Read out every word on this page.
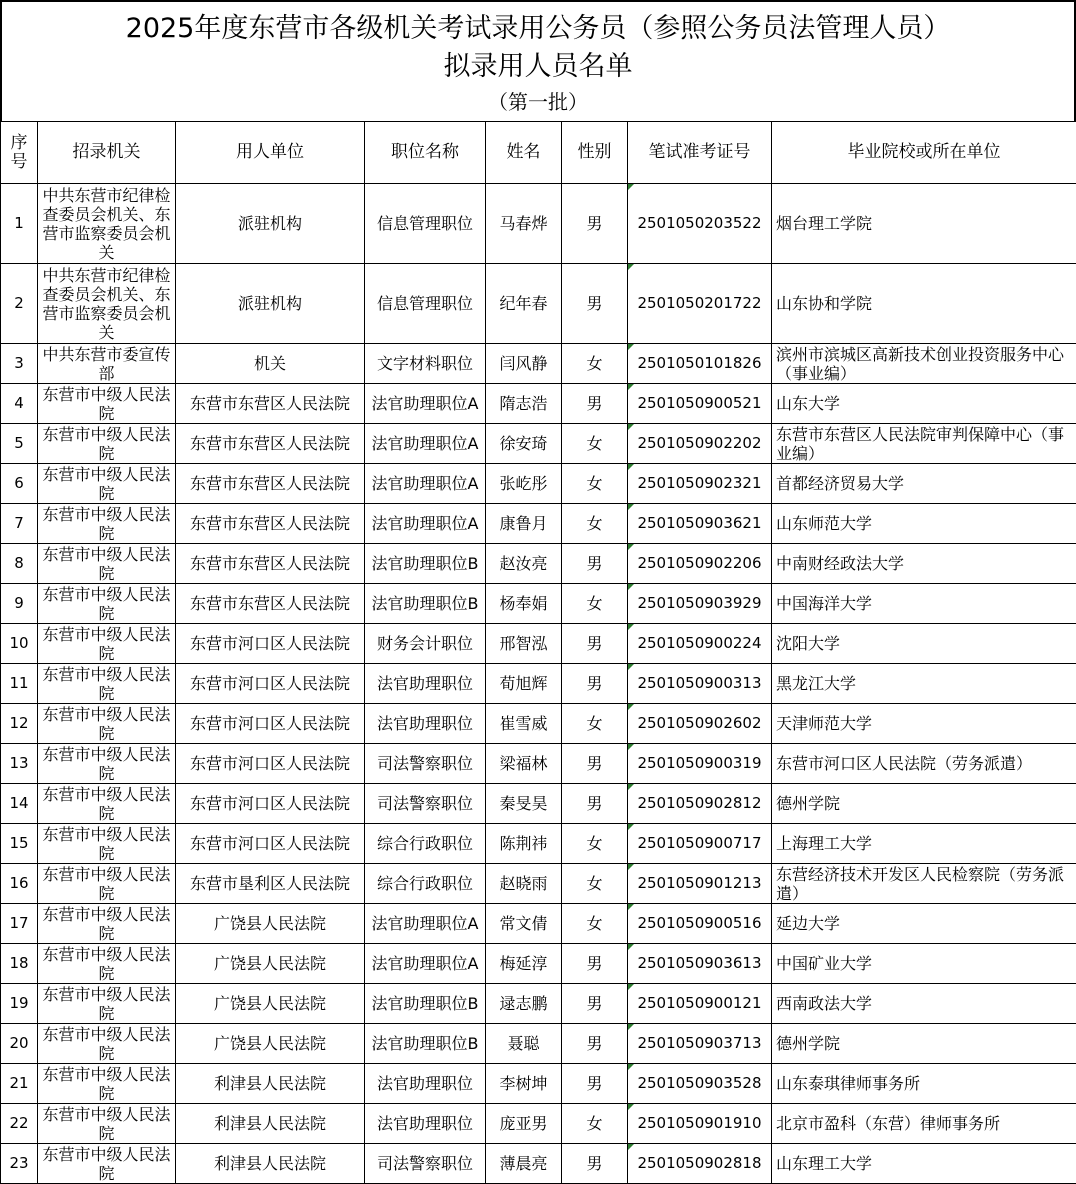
2025年度东营市各级机关考试录用公务员（参照公务员法管理人员）
拟录用人员名单
（第一批）
序号	招录机关	用人单位	职位名称	姓名	性别	笔试准考证号	毕业院校或所在单位
1	中共东营市纪律检查委员会机关、东营市监察委员会机关	派驻机构	信息管理职位	马春烨	男	2501050203522	烟台理工学院
2	中共东营市纪律检查委员会机关、东营市监察委员会机关	派驻机构	信息管理职位	纪年春	男	2501050201722	山东协和学院
3	中共东营市委宣传部	机关	文字材料职位	闫风静	女	2501050101826	滨州市滨城区高新技术创业投资服务中心（事业编）
4	东营市中级人民法院	东营市东营区人民法院	法官助理职位A	隋志浩	男	2501050900521	山东大学
5	东营市中级人民法院	东营市东营区人民法院	法官助理职位A	徐安琦	女	2501050902202	东营市东营区人民法院审判保障中心（事业编）
6	东营市中级人民法院	东营市东营区人民法院	法官助理职位A	张屹彤	女	2501050902321	首都经济贸易大学
7	东营市中级人民法院	东营市东营区人民法院	法官助理职位A	康鲁月	女	2501050903621	山东师范大学
8	东营市中级人民法院	东营市东营区人民法院	法官助理职位B	赵汝亮	男	2501050902206	中南财经政法大学
9	东营市中级人民法院	东营市东营区人民法院	法官助理职位B	杨奉娟	女	2501050903929	中国海洋大学
10	东营市中级人民法院	东营市河口区人民法院	财务会计职位	邢智泓	男	2501050900224	沈阳大学
11	东营市中级人民法院	东营市河口区人民法院	法官助理职位	荀旭辉	男	2501050900313	黑龙江大学
12	东营市中级人民法院	东营市河口区人民法院	法官助理职位	崔雪威	女	2501050902602	天津师范大学
13	东营市中级人民法院	东营市河口区人民法院	司法警察职位	梁福林	男	2501050900319	东营市河口区人民法院（劳务派遣）
14	东营市中级人民法院	东营市河口区人民法院	司法警察职位	秦旻昊	男	2501050902812	德州学院
15	东营市中级人民法院	东营市河口区人民法院	综合行政职位	陈荆祎	女	2501050900717	上海理工大学
16	东营市中级人民法院	东营市垦利区人民法院	综合行政职位	赵晓雨	女	2501050901213	东营经济技术开发区人民检察院（劳务派遣）
17	东营市中级人民法院	广饶县人民法院	法官助理职位A	常文倩	女	2501050900516	延边大学
18	东营市中级人民法院	广饶县人民法院	法官助理职位A	梅延淳	男	2501050903613	中国矿业大学
19	东营市中级人民法院	广饶县人民法院	法官助理职位B	逯志鹏	男	2501050900121	西南政法大学
20	东营市中级人民法院	广饶县人民法院	法官助理职位B	聂聪	男	2501050903713	德州学院
21	东营市中级人民法院	利津县人民法院	法官助理职位	李树坤	男	2501050903528	山东泰琪律师事务所
22	东营市中级人民法院	利津县人民法院	法官助理职位	庞亚男	女	2501050901910	北京市盈科（东营）律师事务所
23	东营市中级人民法院	利津县人民法院	司法警察职位	薄晨亮	男	2501050902818	山东理工大学
